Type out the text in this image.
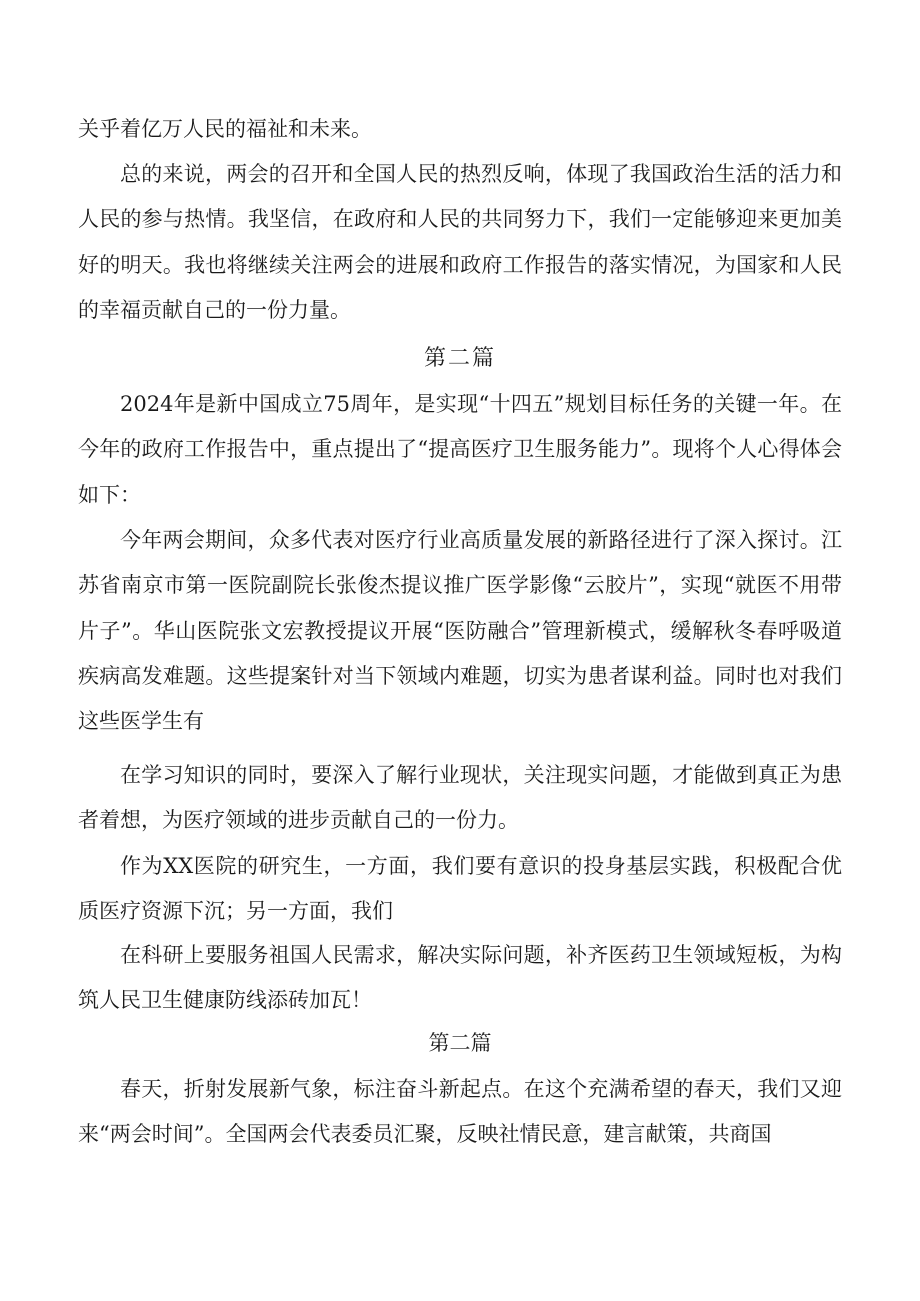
关乎着亿万人民的福祉和未来。

总的来说，两会的召开和全国人民的热烈反响，体现了我国政治生活的活力和人民的参与热情。我坚信，在政府和人民的共同努力下，我们一定能够迎来更加美好的明天。我也将继续关注两会的进展和政府工作报告的落实情况，为国家和人民的幸福贡献自己的一份力量。

第二篇

2024年是新中国成立75周年，是实现“十四五”规划目标任务的关键一年。在今年的政府工作报告中，重点提出了“提高医疗卫生服务能力”。现将个人心得体会如下：

今年两会期间，众多代表对医疗行业高质量发展的新路径进行了深入探讨。江苏省南京市第一医院副院长张俊杰提议推广医学影像“云胶片”，实现“就医不用带片子”。华山医院张文宏教授提议开展“医防融合”管理新模式，缓解秋冬春呼吸道疾病高发难题。这些提案针对当下领域内难题，切实为患者谋利益。同时也对我们这些医学生有

在学习知识的同时，要深入了解行业现状，关注现实问题，才能做到真正为患者着想，为医疗领域的进步贡献自己的一份力。

作为XX医院的研究生，一方面，我们要有意识的投身基层实践，积极配合优质医疗资源下沉；另一方面，我们

在科研上要服务祖国人民需求，解决实际问题，补齐医药卫生领域短板，为构筑人民卫生健康防线添砖加瓦！

第二篇

春天，折射发展新气象，标注奋斗新起点。在这个充满希望的春天，我们又迎来“两会时间”。全国两会代表委员汇聚，反映社情民意，建言献策，共商国
